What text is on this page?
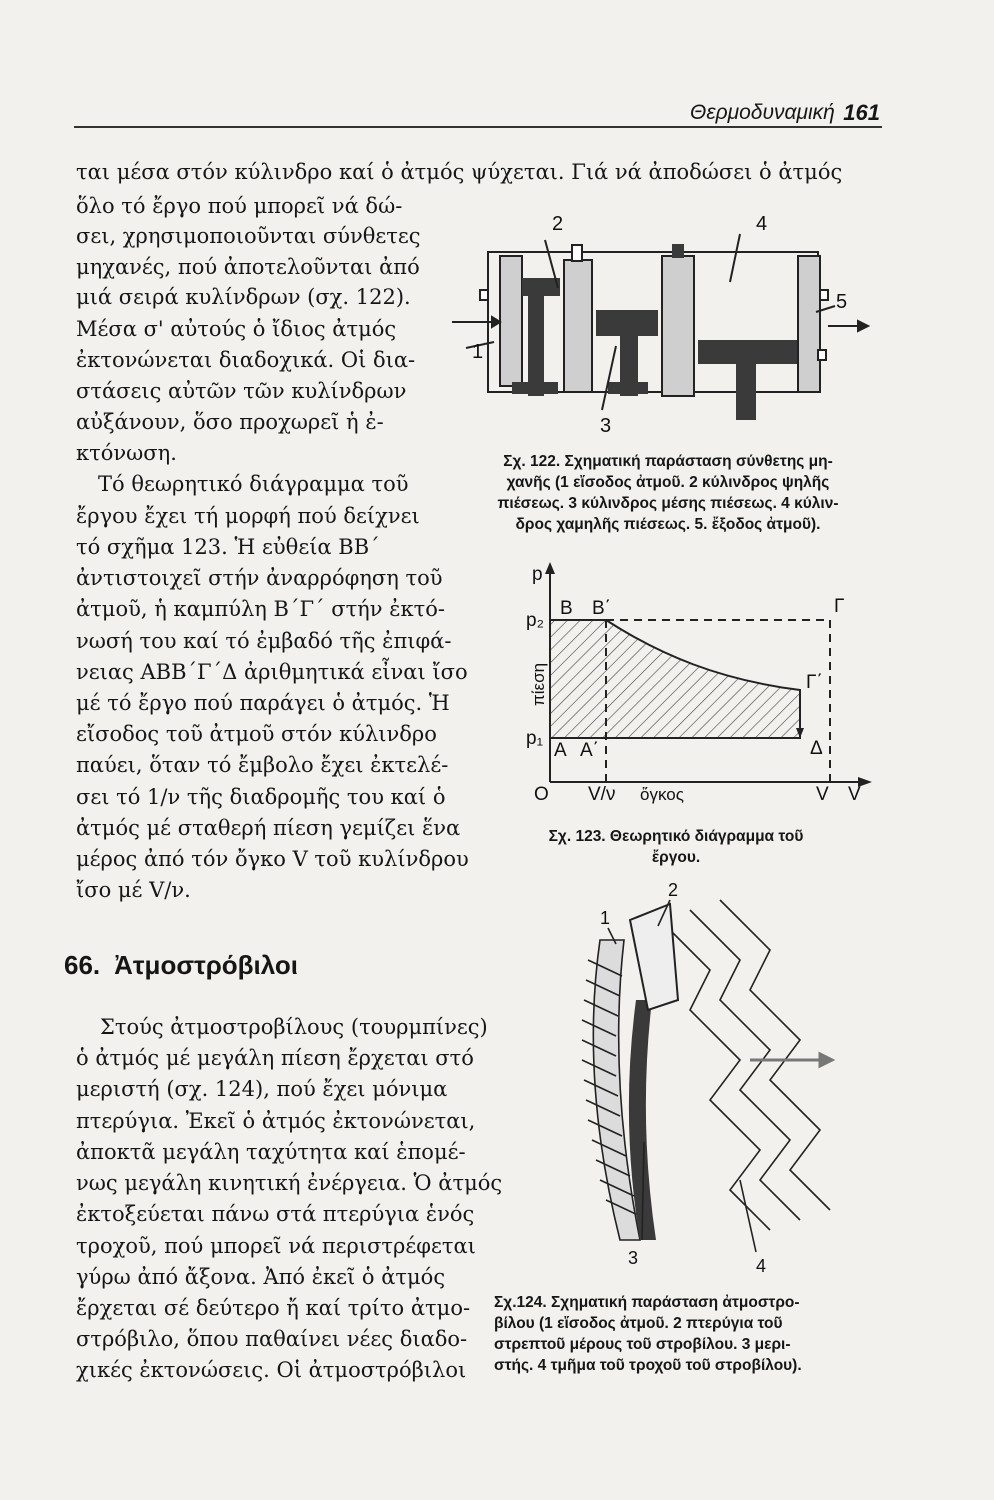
Θερμοδυναμική 161
ται μέσα στόν κύλινδρο καί ὁ ἀτμός ψύχεται. Γιά νά ἀποδώσει ὁ ἀτμός
ὅλο τό ἔργο πού μπορεῖ νά δώ-
σει, χρησιμοποιοῦνται σύνθετες
μηχανές, πού ἀποτελοῦνται ἀπό
μιά σειρά κυλίνδρων (σχ. 122).
Μέσα σ' αὐτούς ὁ ἴδιος ἀτμός
ἐκτονώνεται διαδοχικά. Οἱ δια-
στάσεις αὐτῶν τῶν κυλίνδρων
αὐξάνουν, ὅσο προχωρεῖ ἡ ἐ-
κτόνωση.
Τό θεωρητικό διάγραμμα τοῦ
ἔργου ἔχει τή μορφή πού δείχνει
τό σχῆμα 123. Ἡ εὐθεία ΒΒ΄
ἀντιστοιχεῖ στήν ἀναρρόφηση τοῦ
ἀτμοῦ, ἡ καμπύλη Β΄Γ΄ στήν ἐκτό-
νωσή του καί τό ἐμβαδό τῆς ἐπιφά-
νειας ΑΒΒ΄Γ΄Δ ἀριθμητικά εἶναι ἴσο
μέ τό ἔργο πού παράγει ὁ ἀτμός. Ἡ
εἴσοδος τοῦ ἀτμοῦ στόν κύλινδρο
παύει, ὅταν τό ἔμβολο ἔχει ἐκτελέ-
σει τό 1/ν τῆς διαδρομῆς του καί ὁ
ἀτμός μέ σταθερή πίεση γεμίζει ἕνα
μέρος ἀπό τόν ὄγκο V τοῦ κυλίνδρου
ἴσο μέ V/ν.
66. Ἀτμοστρόβιλοι
Στούς ἀτμοστροβίλους (τουρμπίνες)
ὁ ἀτμός μέ μεγάλη πίεση ἔρχεται στό
μεριστή (σχ. 124), πού ἔχει μόνιμα
πτερύγια. Ἐκεῖ ὁ ἀτμός ἐκτονώνεται,
ἀποκτᾶ μεγάλη ταχύτητα καί ἑπομέ-
νως μεγάλη κινητική ἐνέργεια. Ὁ ἀτμός
ἐκτοξεύεται πάνω στά πτερύγια ἑνός
τροχοῦ, πού μπορεῖ νά περιστρέφεται
γύρω ἀπό ἄξονα. Ἀπό ἐκεῖ ὁ ἀτμός
ἔρχεται σέ δεύτερο ἤ καί τρίτο ἀτμο-
στρόβιλο, ὅπου παθαίνει νέες διαδο-
χικές ἐκτονώσεις. Οἱ ἀτμοστρόβιλοι
2	4
3
1
5
Σχ. 122. Σχηματική παράσταση σύνθετης μη-
χανῆς (1 εἴσοδος ἀτμοῦ. 2 κύλινδρος ψηλῆς
πιέσεως. 3 κύλινδρος μέσης πιέσεως. 4 κύλιν-
δρος χαμηλῆς πιέσεως. 5. ἔξοδος ἀτμοῦ).
p
p₂
p₁
O
B B΄	Γ
Γ΄
A A΄	Δ
V/ν ὄγκος	V V
πίεση
Σχ. 123. Θεωρητικό διάγραμμα τοῦ
ἔργου.
1
2
3	4
Σχ.124. Σχηματική παράσταση ἀτμοστρο-
βίλου (1 εἴσοδος ἀτμοῦ. 2 πτερύγια τοῦ
στρεπτοῦ μέρους τοῦ στροβίλου. 3 μερι-
στής. 4 τμῆμα τοῦ τροχοῦ τοῦ στροβίλου).
